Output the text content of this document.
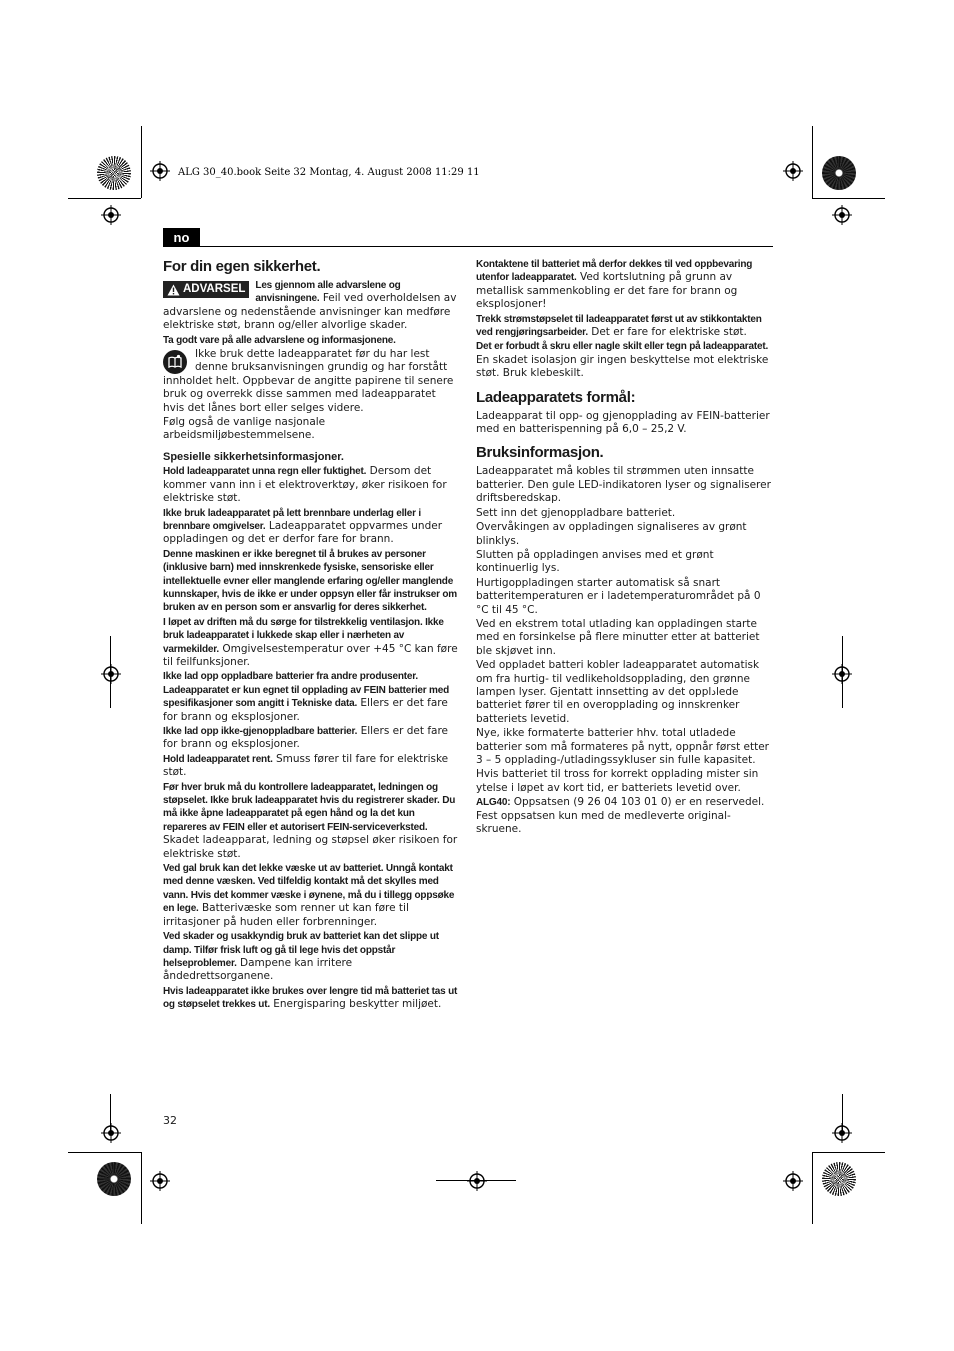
ALG 30_40.book Seite 32 Montag, 4. August 2008 11:29 11
no
For din egen sikkerhet.

ADVARSEL Les gjennom alle advarslene og anvisningene. Feil ved overholdelsen av advarslene og nedenstående anvisninger kan medføre elektriske støt, brann og/eller alvorlige skader.

Ta godt vare på alle advarslene og informasjonene.

Ikke bruk dette ladeapparatet før du har lest denne bruksanvisningen grundig og har forstått innholdet helt. Oppbevar de angitte papirene til senere bruk og overrekk disse sammen med ladeapparatet hvis det lånes bort eller selges videre.

Følg også de vanlige nasjonale arbeidsmiljøbestemmelsene.

Spesielle sikkerhetsinformasjoner.

Hold ladeapparatet unna regn eller fuktighet. Dersom det kommer vann inn i et elektroverktøy, øker risikoen for elektriske støt.

Ikke bruk ladeapparatet på lett brennbare underlag eller i brennbare omgivelser. Ladeapparatet oppvarmes under oppladingen og det er derfor fare for brann.

Denne maskinen er ikke beregnet til å brukes av personer (inklusive barn) med innskrenkede fysiske, sensoriske eller intellektuelle evner eller manglende erfaring og/eller manglende kunnskaper, hvis de ikke er under oppsyn eller får instrukser om bruken av en person som er ansvarlig for deres sikkerhet.

I løpet av driften må du sørge for tilstrekkelig ventilasjon. Ikke bruk ladeapparatet i lukkede skap eller i nærheten av varmekilder. Omgivelsestemperatur over +45 °C kan føre til feilfunksjoner.

Ikke lad opp oppladbare batterier fra andre produsenter. Ladeapparatet er kun egnet til opplading av FEIN batterier med spesifikasjoner som angitt i Tekniske data. Ellers er det fare for brann og eksplosjoner.

Ikke lad opp ikke-gjenoppladbare batterier. Ellers er det fare for brann og eksplosjoner.

Hold ladeapparatet rent. Smuss fører til fare for elektriske støt.

Før hver bruk må du kontrollere ladeapparatet, ledningen og støpselet. Ikke bruk ladeapparatet hvis du registrerer skader. Du må ikke åpne ladeapparatet på egen hånd og la det kun repareres av FEIN eller et autorisert FEIN-serviceverksted. Skadet ladeapparat, ledning og støpsel øker risikoen for elektriske støt.

Ved gal bruk kan det lekke væske ut av batteriet. Unngå kontakt med denne væsken. Ved tilfeldig kontakt må det skylles med vann. Hvis det kommer væske i øynene, må du i tillegg oppsøke en lege. Batterivæske som renner ut kan føre til irritasjoner på huden eller forbrenninger.

Ved skader og usakkyndig bruk av batteriet kan det slippe ut damp. Tilfør frisk luft og gå til lege hvis det oppstår helseproblemer. Dampene kan irritere åndedrettsorganene.

Hvis ladeapparatet ikke brukes over lengre tid må batteriet tas ut og støpselet trekkes ut. Energisparing beskytter miljøet.

Kontaktene til batteriet må derfor dekkes til ved oppbevaring utenfor ladeapparatet. Ved kortslutning på grunn av metallisk sammenkobling er det fare for brann og eksplosjoner!

Trekk strømstøpselet til ladeapparatet først ut av stikkontakten ved rengjøringsarbeider. Det er fare for elektriske støt.

Det er forbudt å skru eller nagle skilt eller tegn på ladeapparatet. En skadet isolasjon gir ingen beskyttelse mot elektriske støt. Bruk klebeskilt.

Ladeapparatets formål:

Ladeapparat til opp- og gjenopplading av FEIN-batterier med en batterispenning på 6,0 – 25,2 V.

Bruksinformasjon.

Ladeapparatet må kobles til strømmen uten innsatte batterier. Den gule LED-indikatoren lyser og signaliserer driftsberedskap.

Sett inn det gjenoppladbare batteriet.

Overvåkingen av oppladingen signaliseres av grønt blinklys.

Slutten på oppladingen anvises med et grønt kontinuerlig lys.

Hurtigoppladingen starter automatisk så snart batteritemperaturen er i ladetemperaturområdet på 0 °C til 45 °C.

Ved en ekstrem total utlading kan oppladingen starte med en forsinkelse på flere minutter etter at batteriet ble skjøvet inn.

Ved oppladet batteri kobler ladeapparatet automatisk om fra hurtig- til vedlikeholdsopplading, den grønne lampen lyser. Gjentatt innsetting av det opplادede batteriet fører til en overopplading og innskrenker batteriets levetid.

Nye, ikke formaterte batterier hhv. total utladede batterier som må formateres på nytt, oppnår først etter 3 – 5 opplading-/utladingssykluser sin fulle kapasitet.

Hvis batteriet til tross for korrekt opplading mister sin ytelse i løpet av kort tid, er batteriets levetid over.

ALG40: Oppsatsen (9 26 04 103 01 0) er en reservedel. Fest oppsatsen kun med de medleverte original-skruene.

32
